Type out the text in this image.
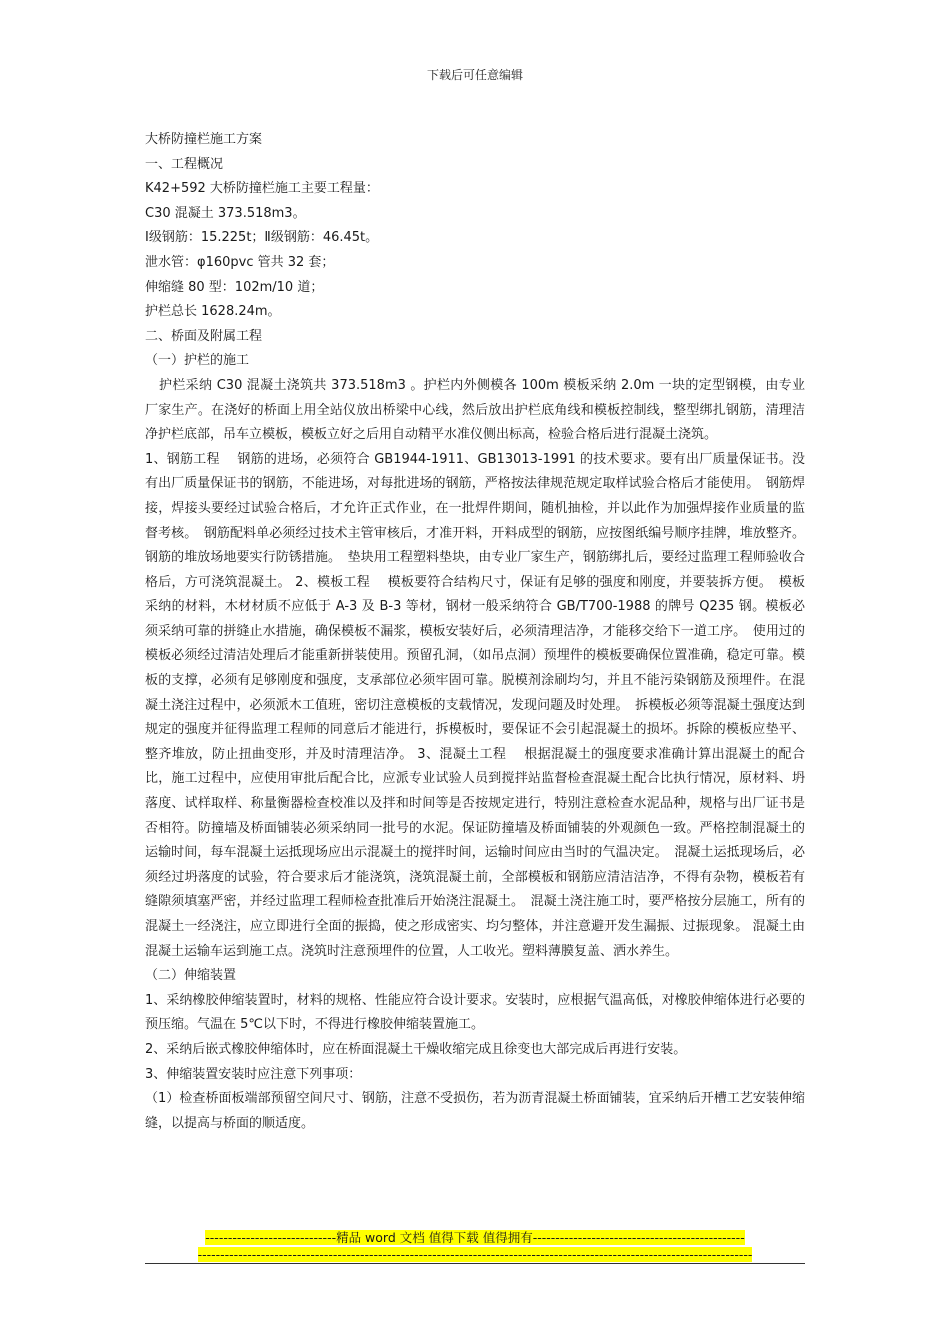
下载后可任意编辑
大桥防撞栏施工方案
一、工程概况
K42+592 大桥防撞栏施工主要工程量：
C30 混凝土 373.518m3。
Ⅰ级钢筋：15.225t；Ⅱ级钢筋：46.45t。
泄水管：φ160pvc 管共 32 套；
伸缩缝 80 型：102m/10 道；
护栏总长 1628.24m。
二、桥面及附属工程
（一）护栏的施工

护栏采纳 C30 混凝土浇筑共 373.518m3 。护栏内外侧模各 100m 模板采纳 2.0m 一块的定型钢模，由专业厂家生产。在浇好的桥面上用全站仪放出桥梁中心线，然后放出护栏底角线和模板控制线，整型绑扎钢筋，清理洁净护栏底部，吊车立模板，模板立好之后用自动精平水准仪侧出标高，检验合格后进行混凝土浇筑。

1、钢筋工程　 钢筋的进场，必须符合 GB1944-1911、GB13013-1991 的技术要求。要有出厂质量保证书。没有出厂质量保证书的钢筋，不能进场，对每批进场的钢筋，严格按法律规范规定取样试验合格后才能使用。　钢筋焊接，焊接头要经过试验合格后，才允许正式作业，在一批焊件期间，随机抽检，并以此作为加强焊接作业质量的监督考核。　钢筋配料单必须经过技术主管审核后，才准开料，开料成型的钢筋，应按图纸编号顺序挂牌，堆放整齐。钢筋的堆放场地要实行防锈措施。　垫块用工程塑料垫块，由专业厂家生产，钢筋绑扎后，要经过监理工程师验收合格后，方可浇筑混凝土。 2、模板工程　 模板要符合结构尺寸，保证有足够的强度和刚度，并要装拆方便。　模板采纳的材料，木材材质不应低于 A-3 及 B-3 等材，钢材一般采纳符合 GB/T700-1988 的牌号 Q235 钢。模板必须采纳可靠的拼缝止水措施，确保模板不漏浆，模板安装好后，必须清理洁净，才能移交给下一道工序。　使用过的模板必须经过清洁处理后才能重新拼装使用。预留孔洞，（如吊点洞）预埋件的模板要确保位置准确，稳定可靠。模板的支撑，必须有足够刚度和强度，支承部位必须牢固可靠。脱模剂涂刷均匀，并且不能污染钢筋及预埋件。在混凝土浇注过程中，必须派木工值班，密切注意模板的支载情况，发现问题及时处理。　拆模板必须等混凝土强度达到规定的强度并征得监理工程师的同意后才能进行，拆模板时，要保证不会引起混凝土的损坏。拆除的模板应垫平、整齐堆放，防止扭曲变形，并及时清理洁净。 3、混凝土工程　 根据混凝土的强度要求准确计算出混凝土的配合比，施工过程中，应使用审批后配合比，应派专业试验人员到搅拌站监督检查混凝土配合比执行情况，原材料、坍落度、试样取样、称量衡器检查校准以及拌和时间等是否按规定进行，特别注意检查水泥品种，规格与出厂证书是否相符。防撞墙及桥面铺装必须采纳同一批号的水泥。保证防撞墙及桥面铺装的外观颜色一致。严格控制混凝土的运输时间，每车混凝土运抵现场应出示混凝土的搅拌时间，运输时间应由当时的气温决定。　混凝土运抵现场后，必须经过坍落度的试验，符合要求后才能浇筑，浇筑混凝土前，全部模板和钢筋应清洁洁净，不得有杂物，模板若有缝隙须填塞严密，并经过监理工程师检查批准后开始浇注混凝土。　混凝土浇注施工时，要严格按分层施工，所有的混凝土一经浇注，应立即进行全面的振捣，使之形成密实、均匀整体，并注意避开发生漏振、过振现象。 混凝土由混凝土运输车运到施工点。浇筑时注意预埋件的位置，人工收光。塑料薄膜复盖、洒水养生。

（二）伸缩装置

1、采纳橡胶伸缩装置时，材料的规格、性能应符合设计要求。安装时，应根据气温高低，对橡胶伸缩体进行必要的预压缩。气温在 5℃以下时，不得进行橡胶伸缩装置施工。

2、采纳后嵌式橡胶伸缩体时，应在桥面混凝土干燥收缩完成且徐变也大部完成后再进行安装。

3、伸缩装置安装时应注意下列事项：

（1）检查桥面板端部预留空间尺寸、钢筋，注意不受损伤，若为沥青混凝土桥面铺装，宜采纳后开槽工艺安装伸缩缝，以提高与桥面的顺适度。

-----------------------------精品 word 文档 值得下载 值得拥有-----------------------------------------------
---------------------------------------------------------------------------------------------------------------------------
